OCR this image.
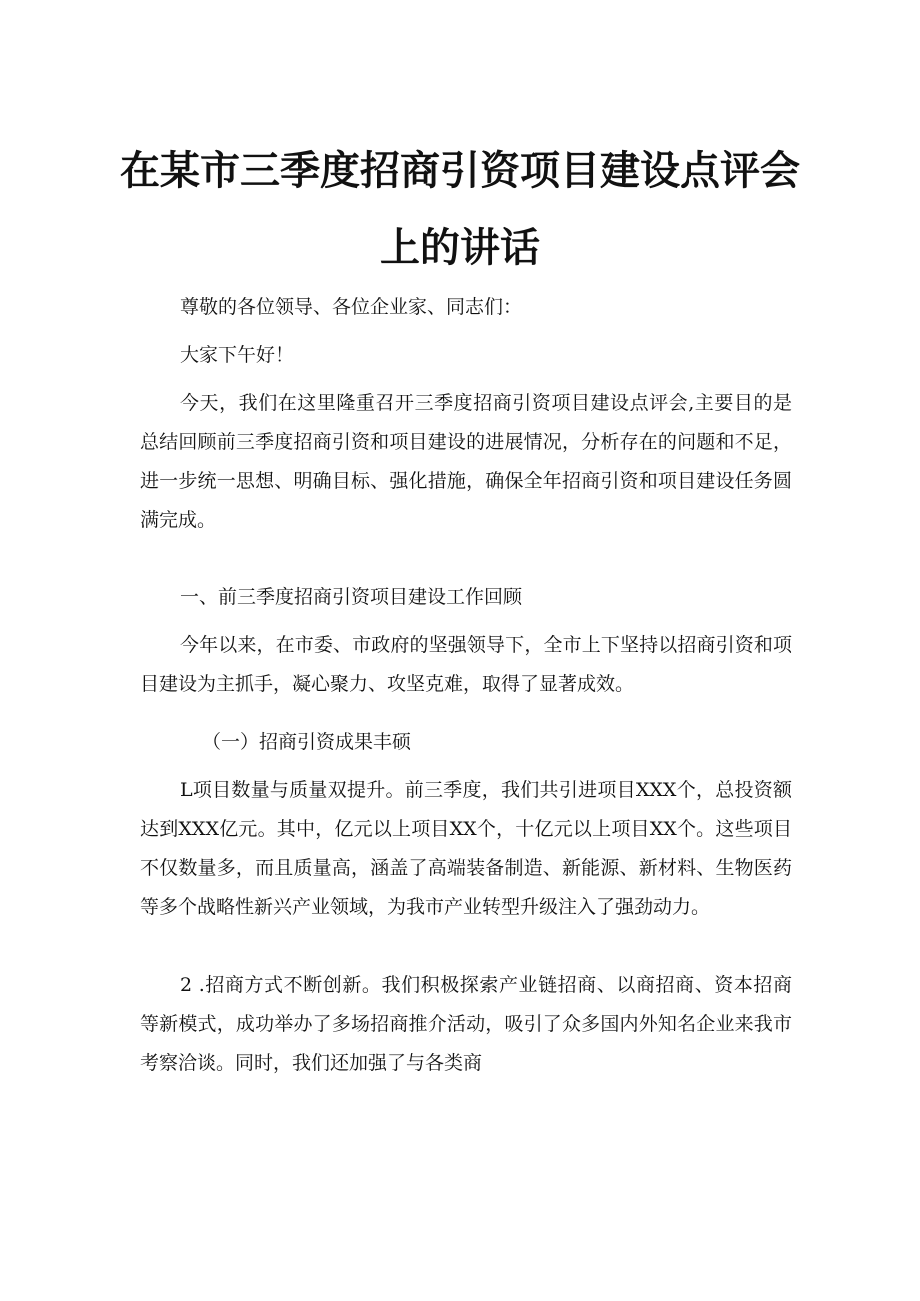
在某市三季度招商引资项目建设点评会
上的讲话

尊敬的各位领导、各位企业家、同志们：

大家下午好！

今天，我们在这里隆重召开三季度招商引资项目建设点评会,主要目的是总结回顾前三季度招商引资和项目建设的进展情况，分析存在的问题和不足，进一步统一思想、明确目标、强化措施，确保全年招商引资和项目建设任务圆满完成。

一、前三季度招商引资项目建设工作回顾

今年以来，在市委、市政府的坚强领导下，全市上下坚持以招商引资和项目建设为主抓手，凝心聚力、攻坚克难，取得了显著成效。

（一）招商引资成果丰硕

L项目数量与质量双提升。前三季度，我们共引进项目XXX个，总投资额达到XXX亿元。其中，亿元以上项目XX个，十亿元以上项目XX个。这些项目不仅数量多，而且质量高，涵盖了高端装备制造、新能源、新材料、生物医药等多个战略性新兴产业领域，为我市产业转型升级注入了强劲动力。

2 .招商方式不断创新。我们积极探索产业链招商、以商招商、资本招商等新模式，成功举办了多场招商推介活动，吸引了众多国内外知名企业来我市考察洽谈。同时，我们还加强了与各类商
